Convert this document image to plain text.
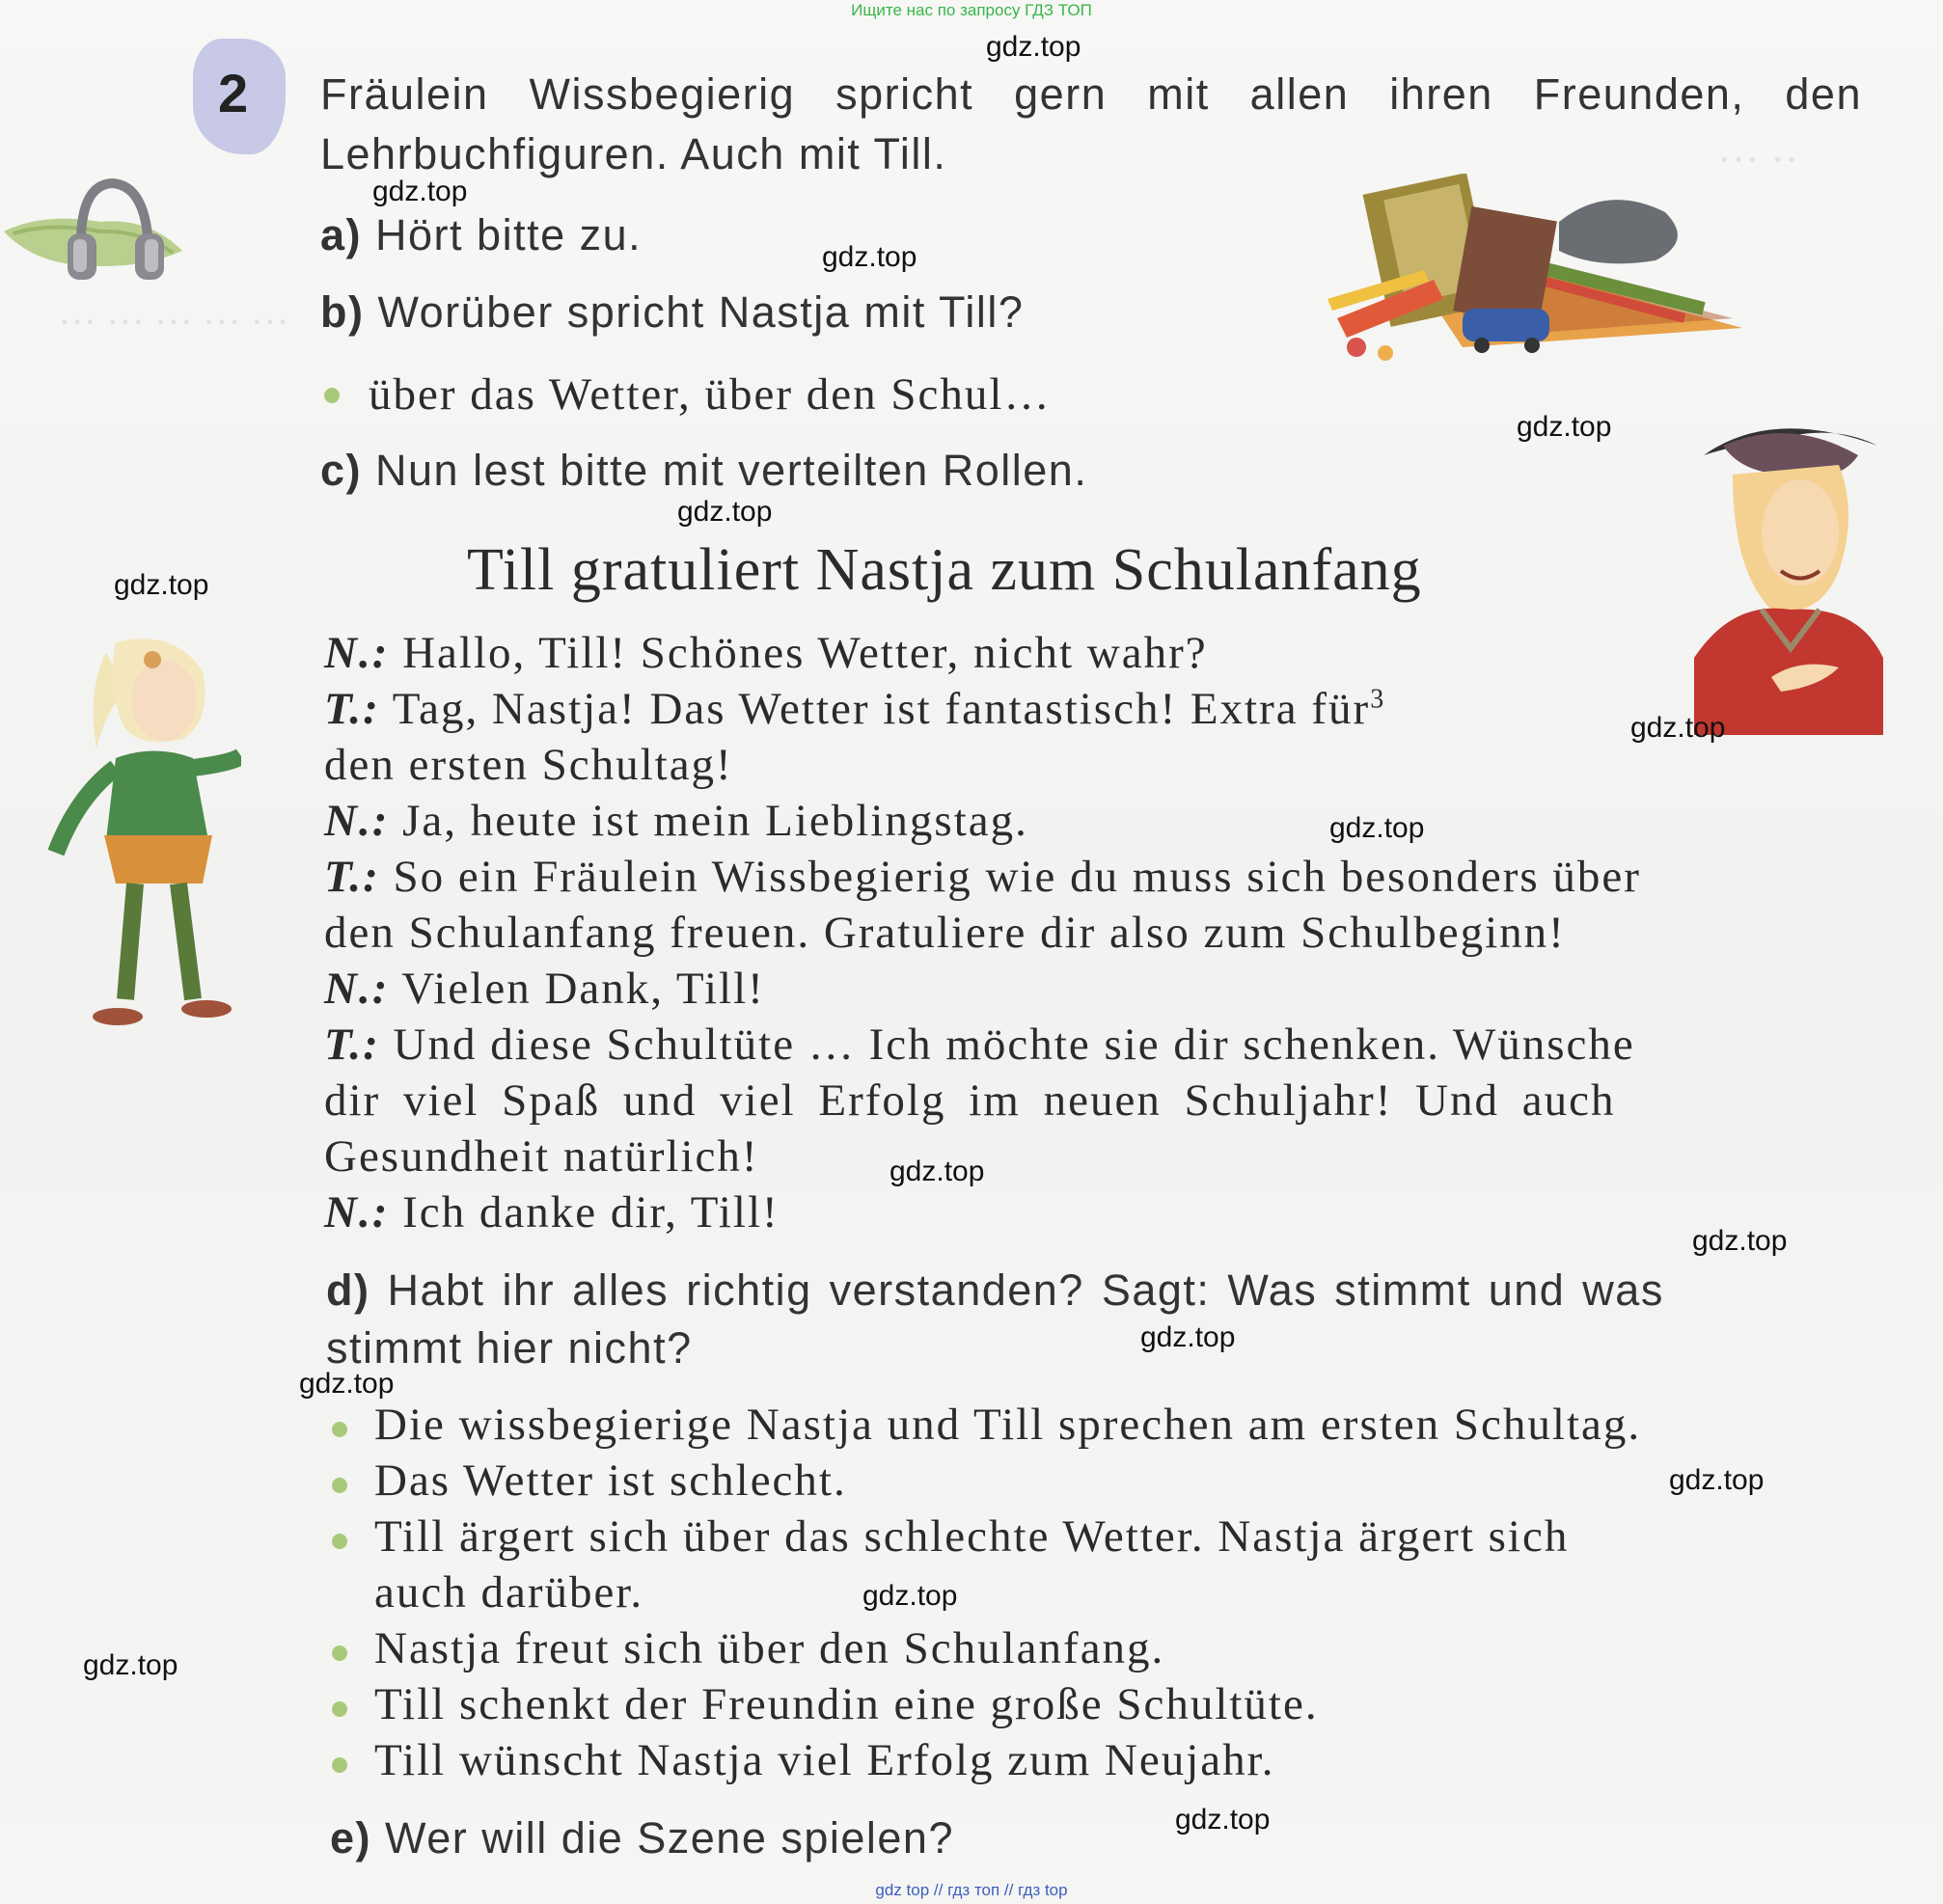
··· ··· ··· ··· ···
··· ··
Ищите нас по запросу ГДЗ ТОП
2 Fräulein Wissbegierig spricht gern mit allen ihren Freunden, den
Lehrbuchfiguren. Auch mit Till.
a) Hört bitte zu.
b) Worüber spricht Nastja mit Till?
über das Wetter, über den Schul…
c) Nun lest bitte mit verteilten Rollen.
Till gratuliert Nastja zum Schulanfang
N.: Hallo, Till! Schönes Wetter, nicht wahr?
T.: Tag, Nastja! Das Wetter ist fantastisch! Extra für$^3$
den ersten Schultag!
N.: Ja, heute ist mein Lieblingstag.
T.: So ein Fräulein Wissbegierig wie du muss sich besonders über
den Schulanfang freuen. Gratuliere dir also zum Schulbeginn!
N.: Vielen Dank, Till!
T.: Und diese Schultüte … Ich möchte sie dir schenken. Wünsche
dir viel Spaß und viel Erfolg im neuen Schuljahr! Und auch
Gesundheit natürlich!
N.: Ich danke dir, Till!
d) Habt ihr alles richtig verstanden? Sagt: Was stimmt und was
stimmt hier nicht?
Die wissbegierige Nastja und Till sprechen am ersten Schultag.
Das Wetter ist schlecht.
Till ärgert sich über das schlechte Wetter. Nastja ärgert sich
auch darüber.
Nastja freut sich über den Schulanfang.
Till schenkt der Freundin eine große Schultüte.
Till wünscht Nastja viel Erfolg zum Neujahr.
e) Wer will die Szene spielen?
gdz.top
gdz.top
gdz.top
gdz.top
gdz.top
gdz.top
gdz.top
gdz.top
gdz.top
gdz.top
gdz.top
gdz.top
gdz.top
gdz.top
gdz.top
gdz.top
gdz top // гдз топ // гдз top
